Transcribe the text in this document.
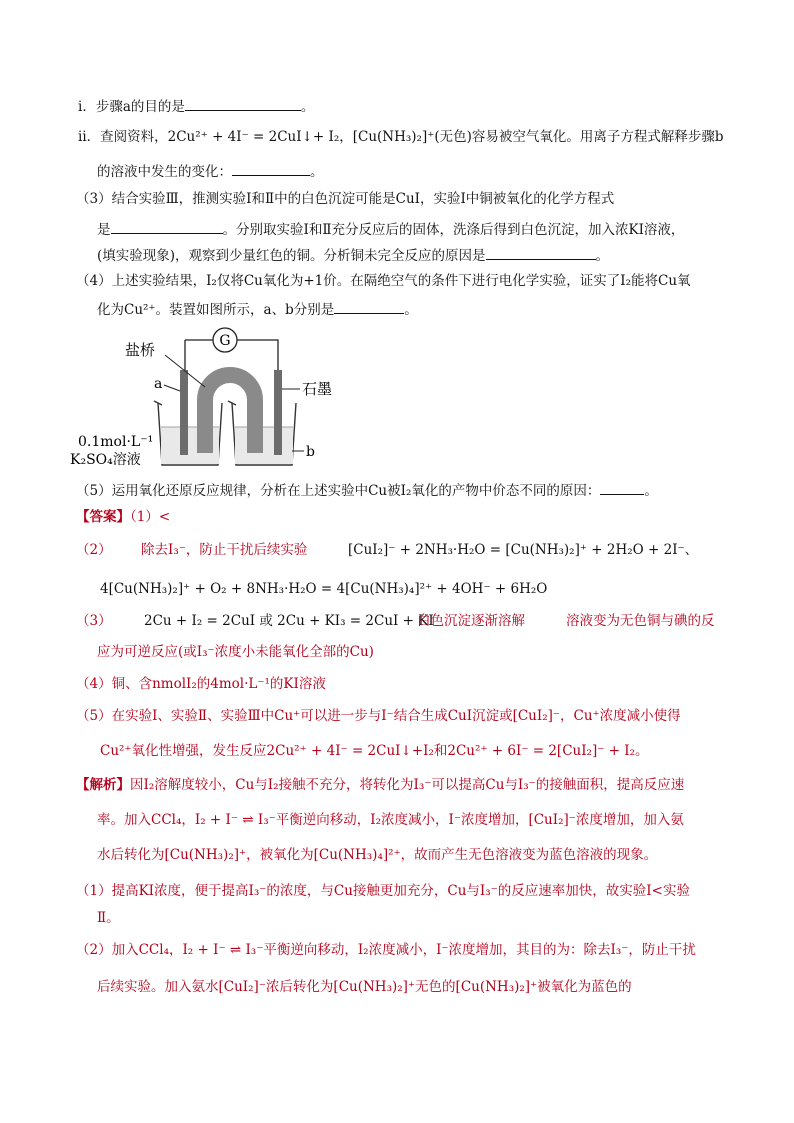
ⅰ．步骤a的目的是	。
ⅱ．查阅资料，2Cu²⁺ + 4I⁻ = 2CuI↓+ I₂，[Cu(NH₃)₂]⁺(无色)容易被空气氧化。用离子方程式解释步骤b
的溶液中发生的变化：	。
（3）结合实验Ⅲ，推测实验Ⅰ和Ⅱ中的白色沉淀可能是CuI，实验Ⅰ中铜被氧化的化学方程式
是	。分别取实验Ⅰ和Ⅱ充分反应后的固体，洗涤后得到白色沉淀，加入浓KI溶液，
(填实验现象)，观察到少量红色的铜。分析铜未完全反应的原因是	。
（4）上述实验结果，I₂仅将Cu氧化为+1价。在隔绝空气的条件下进行电化学实验，证实了I₂能将Cu氧
化为Cu²⁺。装置如图所示，a、b分别是	。
G
盐桥
a	石墨
b
0.1mol·L⁻¹
K₂SO₄溶液
（5）运用氧化还原反应规律，分析在上述实验中Cu被I₂氧化的产物中价态不同的原因：	。
【答案】（1）<
（2） 除去I₃⁻，防止干扰后续实验	[CuI₂]⁻ + 2NH₃·H₂O = [Cu(NH₃)₂]⁺ + 2H₂O + 2I⁻、
4[Cu(NH₃)₂]⁺ + O₂ + 8NH₃·H₂O = 4[Cu(NH₃)₄]²⁺ + 4OH⁻ + 6H₂O
（3） 2Cu + I₂ = 2CuI 或 2Cu + KI₃ = 2CuI + KI
白色沉淀逐渐溶解	溶液变为无色铜与碘的反
应为可逆反应(或I₃⁻浓度小未能氧化全部的Cu)
（4）铜、含nmolI₂的4mol·L⁻¹的KI溶液
（5）在实验Ⅰ、实验Ⅱ、实验Ⅲ中Cu⁺可以进一步与I⁻结合生成CuI沉淀或[CuI₂]⁻，Cu⁺浓度减小使得
Cu²⁺氧化性增强，发生反应2Cu²⁺ + 4I⁻ = 2CuI↓+I₂和2Cu²⁺ + 6I⁻ = 2[CuI₂]⁻ + I₂。
【解析】因I₂溶解度较小，Cu与I₂接触不充分，将转化为I₃⁻可以提高Cu与I₃⁻的接触面积，提高反应速
率。加入CCl₄，I₂ + I⁻ ⇌ I₃⁻平衡逆向移动，I₂浓度减小，I⁻浓度增加，[CuI₂]⁻浓度增加，加入氨
水后转化为[Cu(NH₃)₂]⁺，被氧化为[Cu(NH₃)₄]²⁺，故而产生无色溶液变为蓝色溶液的现象。
（1）提高KI浓度，便于提高I₃⁻的浓度，与Cu接触更加充分，Cu与I₃⁻的反应速率加快，故实验Ⅰ<实验
Ⅱ。
（2）加入CCl₄，I₂ + I⁻ ⇌ I₃⁻平衡逆向移动，I₂浓度减小，I⁻浓度增加，其目的为：除去I₃⁻，防止干扰
后续实验。加入氨水[CuI₂]⁻浓后转化为[Cu(NH₃)₂]⁺无色的[Cu(NH₃)₂]⁺被氧化为蓝色的
